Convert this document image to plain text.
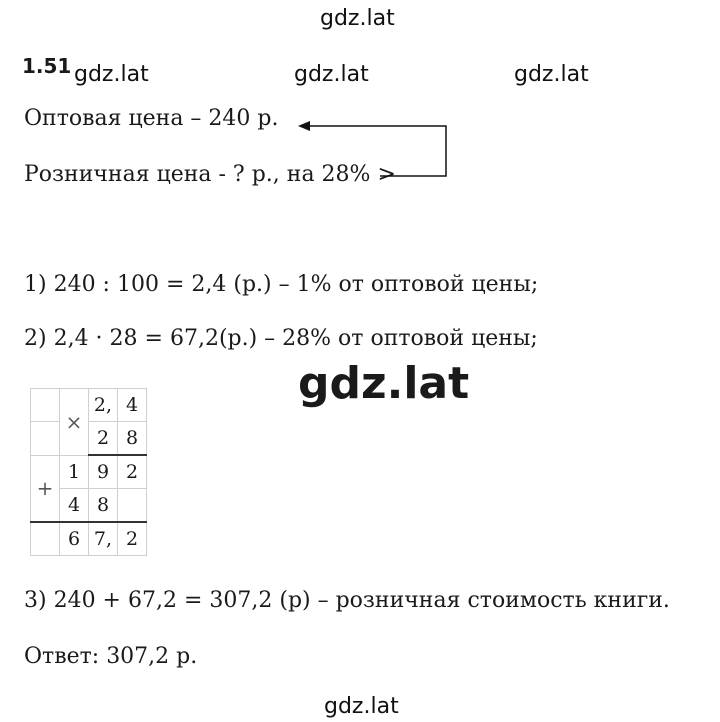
gdz.lat
gdz.lat	gdz.lat	gdz.lat
gdz.lat
gdz.lat
1.51
Оптовая цена – 240 р.
Розничная цена - ? р., на 28% >
1) 240 : 100 = 2,4 (р.) – 1% от оптовой цены;
2) 2,4 · 28 = 67,2(р.) – 28% от оптовой цены;
	×	2,	4
		2	8
+	1	9	2
	4	8	
	6	7,	2
3) 240 + 67,2 = 307,2 (р) – розничная стоимость книги.
Ответ: 307,2 р.
